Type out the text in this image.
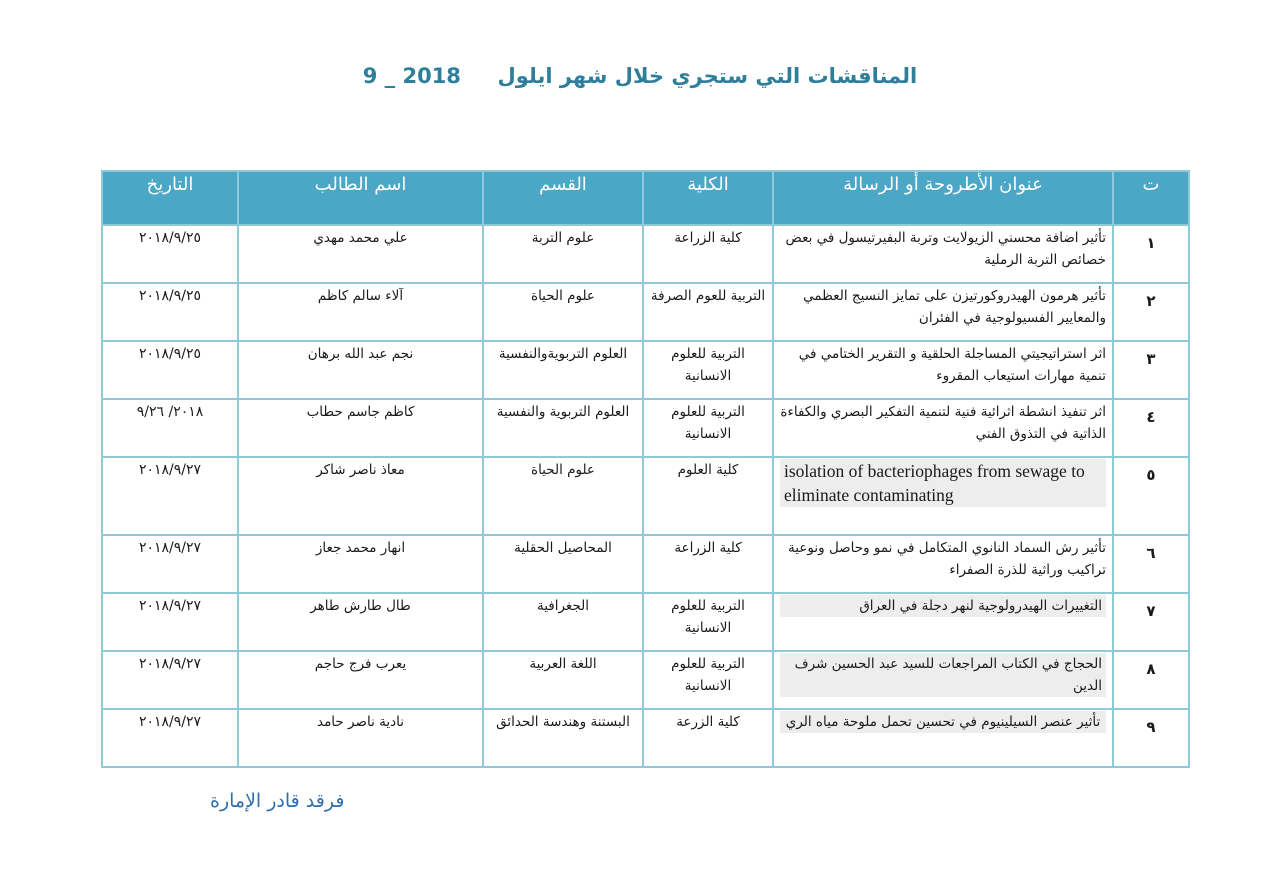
المناقشات التي ستجري خلال شهر ايلول     9 _ 2018
ت	عنوان الأطروحة أو الرسالة	الكلية	القسم	اسم الطالب	التاريخ
١	تأثير اضافة محسني الزيولايت وتربة البفيرتيسول في بعض خصائص التربة الرملية	كلية الزراعة	علوم التربة	علي محمد مهدي	٢٠١٨/٩/٢٥
٢	تأثير هرمون الهيدروكورتيزن على تمايز النسيج العظمي والمعايير الفسيولوجية في الفئران	التربية للعوم الصرفة	علوم الحياة	آلاء سالم كاظم	٢٠١٨/٩/٢٥
٣	اثر استراتيجيتي المساجلة الحلقية و التقرير الختامي في تنمية مهارات استيعاب المقروء	التربية للعلوم الانسانية	العلوم التربويةوالنفسية	نجم عبد الله برهان	٢٠١٨/٩/٢٥
٤	اثر تنفيذ انشطة اثرائية فنية لتنمية التفكير البصري والكفاءة الذاتية في التذوق الفني	التربية للعلوم الانسانية	العلوم التربوية والنفسية	كاظم جاسم حطاب	٢٠١٨/ ٩/٢٦
٥	isolation of bacteriophages from sewage to eliminate contaminating	كلية العلوم	علوم الحياة	معاذ ناصر شاكر	٢٠١٨/٩/٢٧
٦	تأثير رش السماد النانوي المتكامل في نمو وحاصل ونوعية تراكيب وراثية للذرة الصفراء	كلية الزراعة	المحاصيل الحقلية	انهار محمد جعاز	٢٠١٨/٩/٢٧
٧	التغييرات الهيدرولوجية لنهر دجلة في العراق	التربية للعلوم الانسانية	الجغرافية	طال طارش طاهر	٢٠١٨/٩/٢٧
٨	الحجاج في الكتاب المراجعات للسيد عبد الحسين شرف الدين	التربية للعلوم الانسانية	اللغة العربية	يعرب فرج حاجم	٢٠١٨/٩/٢٧
٩	تأثير عنصر السيلينيوم في تحسين تحمل ملوحة مياه الري	كلية الزرعة	البستنة وهندسة الحدائق	نادية ناصر حامد	٢٠١٨/٩/٢٧
فرقد قادر الإمارة
